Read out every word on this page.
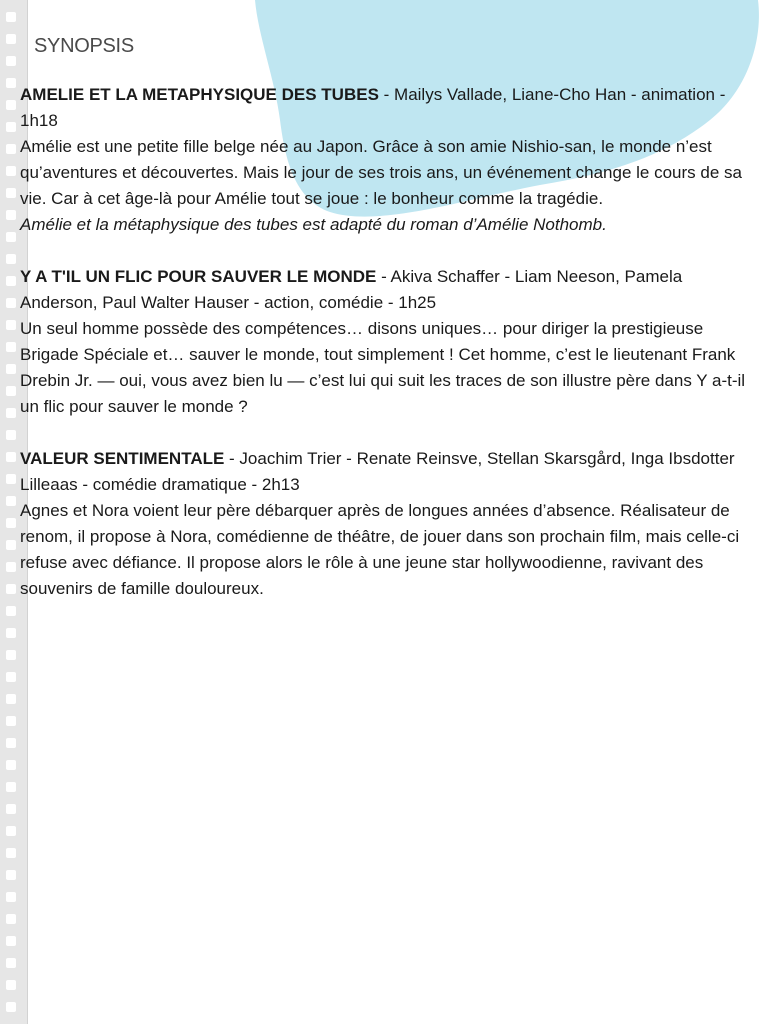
SYNOPSIS

AMELIE ET LA METAPHYSIQUE DES TUBES - Mailys Vallade, Liane-Cho Han - animation - 1h18

Amélie est une petite fille belge née au Japon. Grâce à son amie Nishio-san, le monde n’est qu’aventures et découvertes. Mais le jour de ses trois ans, un événement change le cours de sa vie. Car à cet âge-là pour Amélie tout se joue : le bonheur comme la tragédie.

Amélie et la métaphysique des tubes est adapté du roman d’Amélie Nothomb.

Y A T'IL UN FLIC POUR SAUVER LE MONDE - Akiva Schaffer - Liam Neeson, Pamela Anderson, Paul Walter Hauser - action, comédie - 1h25

Un seul homme possède des compétences… disons uniques… pour diriger la prestigieuse Brigade Spéciale et… sauver le monde, tout simplement ! Cet homme, c’est le lieutenant Frank Drebin Jr. — oui, vous avez bien lu — c’est lui qui suit les traces de son illustre père dans Y a-t-il un flic pour sauver le monde ?

VALEUR SENTIMENTALE - Joachim Trier - Renate Reinsve, Stellan Skarsgård, Inga Ibsdotter Lilleaas - comédie dramatique - 2h13

Agnes et Nora voient leur père débarquer après de longues années d’absence. Réalisateur de renom, il propose à Nora, comédienne de théâtre, de jouer dans son prochain film, mais celle-ci refuse avec défiance. Il propose alors le rôle à une jeune star hollywoodienne, ravivant des souvenirs de famille douloureux.
